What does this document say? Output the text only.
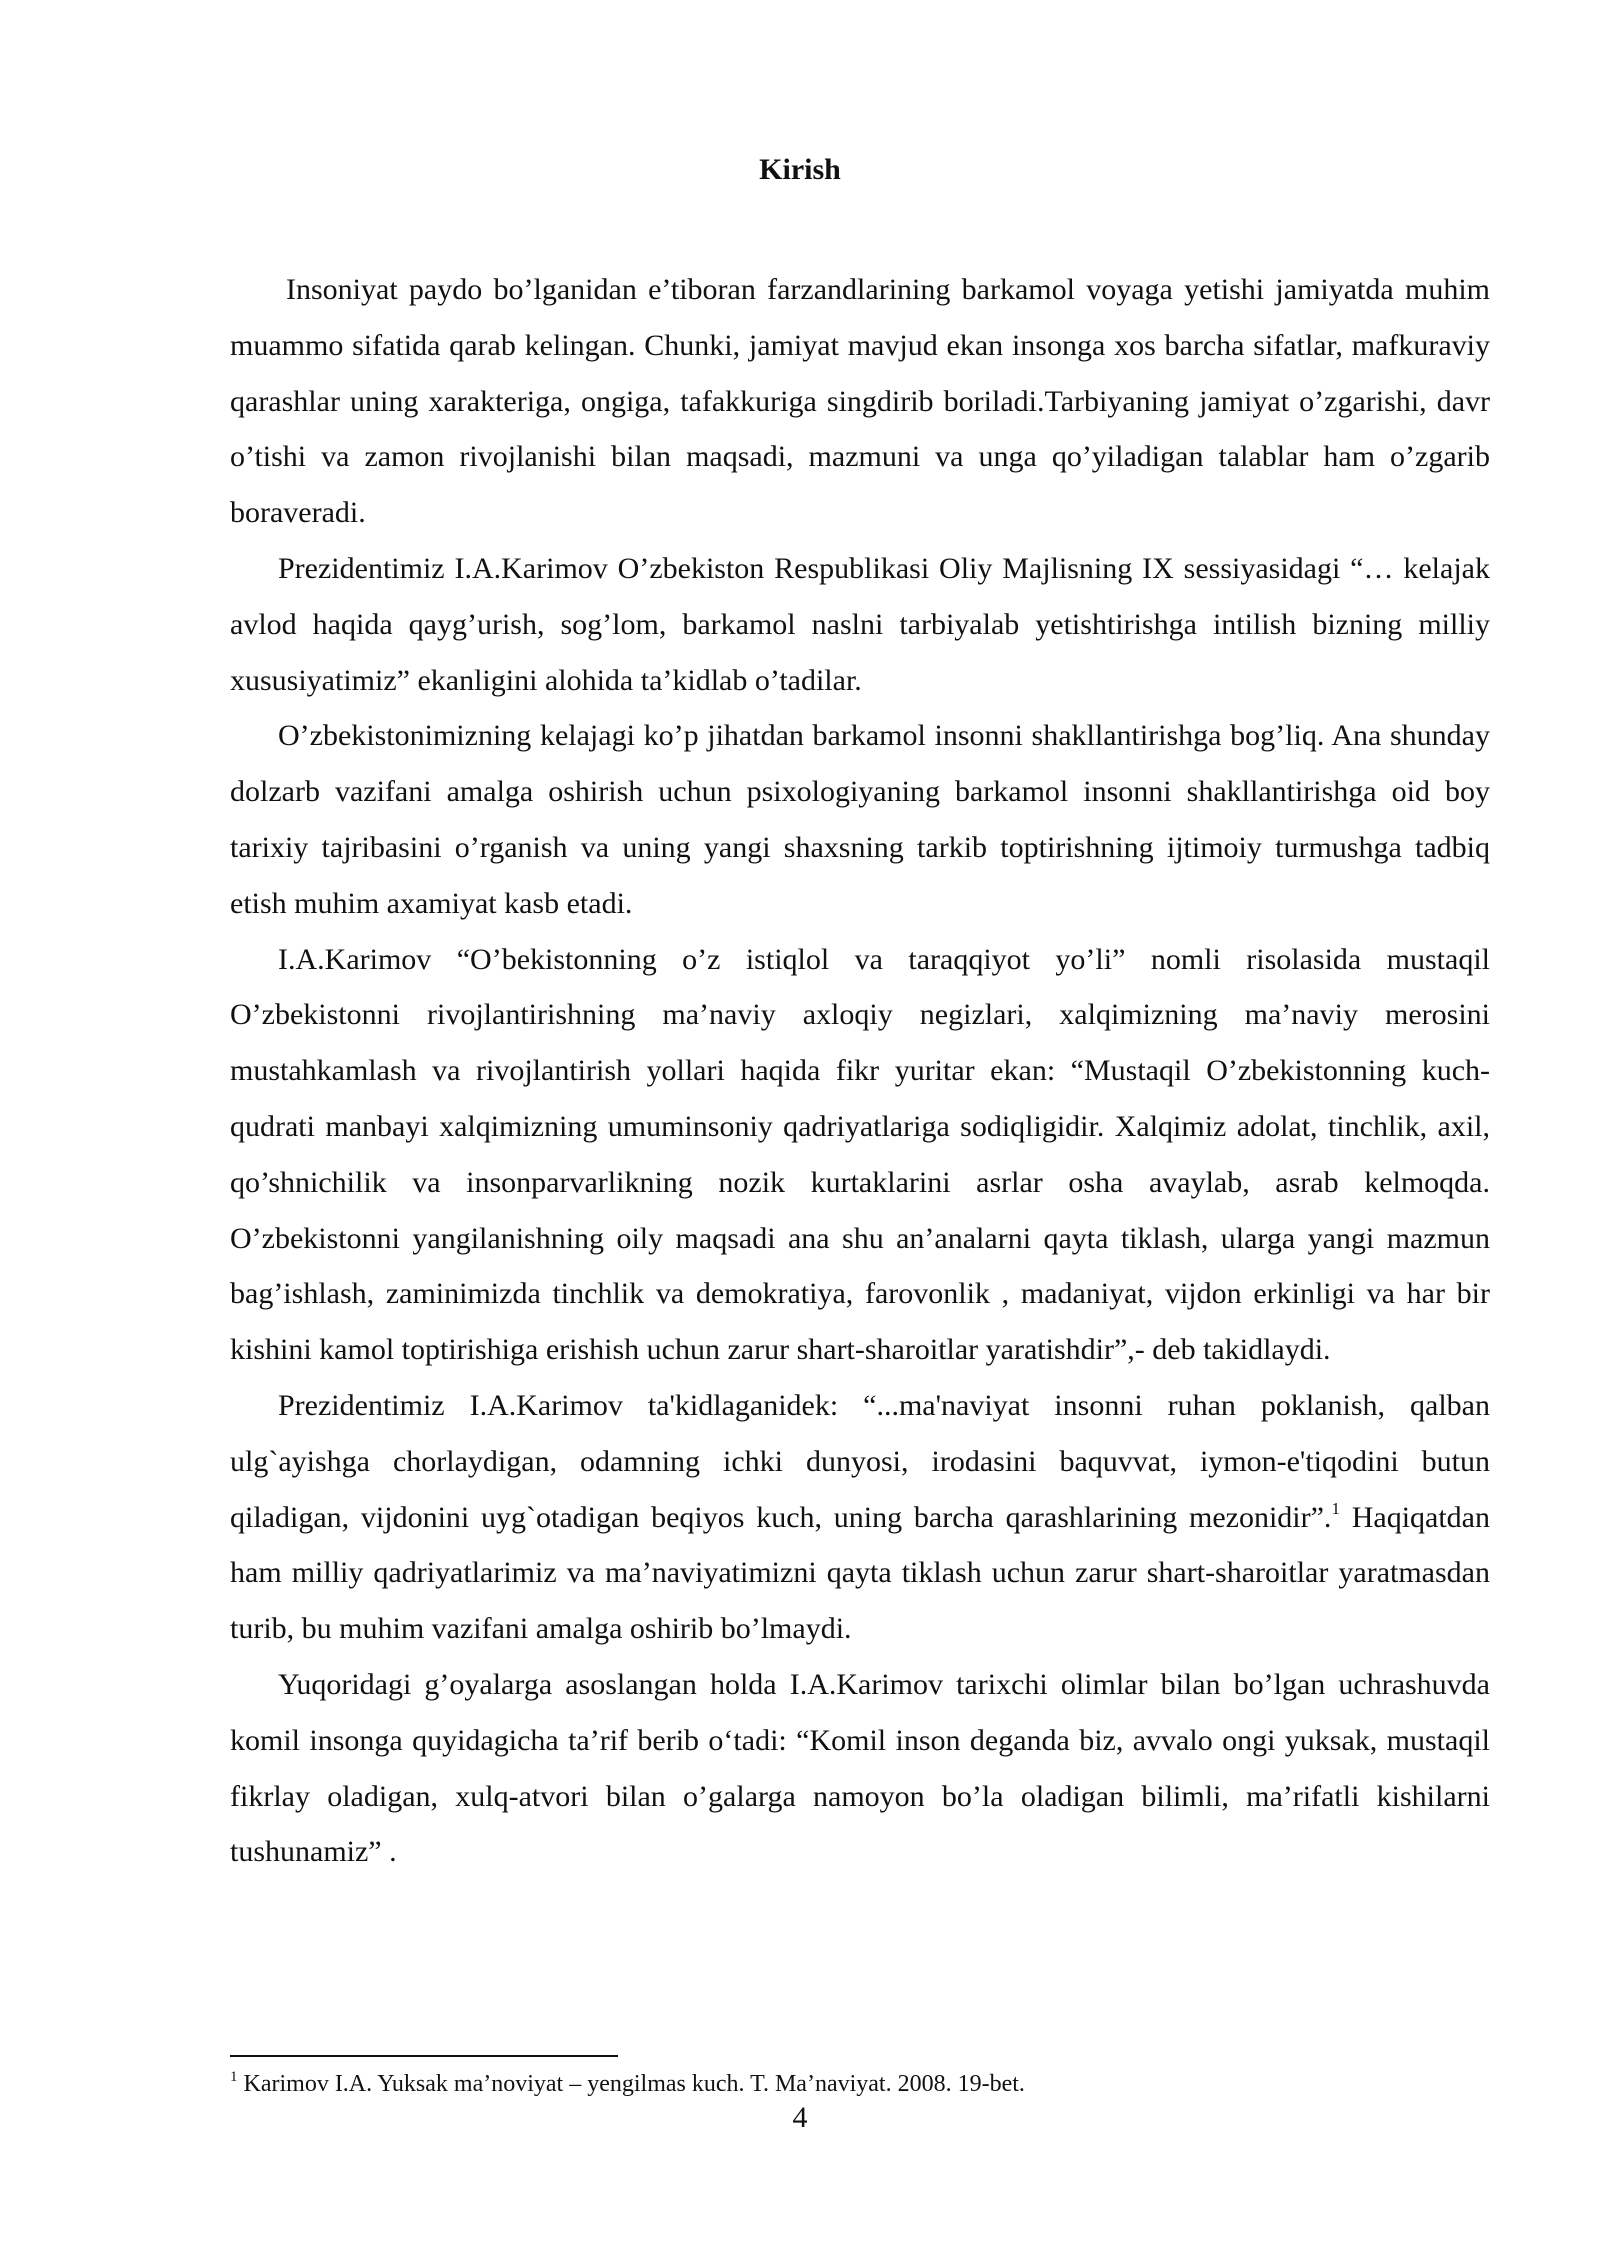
Kirish

Insoniyat paydo bo’lganidan e’tiboran farzandlarining barkamol voyaga yetishi jamiyatda muhim muammo sifatida qarab kelingan. Chunki, jamiyat mavjud ekan insonga xos barcha sifatlar, mafkuraviy qarashlar uning xarakteriga, ongiga, tafakkuriga singdirib boriladi.Tarbiyaning jamiyat o’zgarishi, davr o’tishi va zamon rivojlanishi bilan maqsadi, mazmuni va unga qo’yiladigan talablar ham o’zgarib boraveradi.

Prezidentimiz I.A.Karimov O’zbekiston Respublikasi Oliy Majlisning IX sessiyasidagi “… kelajak avlod haqida qayg’urish, sog’lom, barkamol naslni tarbiyalab yetishtirishga intilish bizning milliy xususiyatimiz” ekanligini alohida ta’kidlab o’tadilar.

O’zbekistonimizning kelajagi ko’p jihatdan barkamol insonni shakllantirishga bog’liq. Ana shunday dolzarb vazifani amalga oshirish uchun psixologiyaning barkamol insonni shakllantirishga oid boy tarixiy tajribasini o’rganish va uning yangi shaxsning tarkib toptirishning ijtimoiy turmushga tadbiq etish muhim axamiyat kasb etadi.

I.A.Karimov “O’bekistonning o’z istiqlol va taraqqiyot yo’li” nomli risolasida mustaqil O’zbekistonni rivojlantirishning ma’naviy axloqiy negizlari, xalqimizning ma’naviy merosini mustahkamlash va rivojlantirish yollari haqida fikr yuritar ekan: “Mustaqil O’zbekistonning kuch-qudrati manbayi xalqimizning umuminsoniy qadriyatlariga sodiqligidir. Xalqimiz adolat, tinchlik, axil, qo’shnichilik va insonparvarlikning nozik kurtaklarini asrlar osha avaylab, asrab kelmoqda. O’zbekistonni yangilanishning oily maqsadi ana shu an’analarni qayta tiklash, ularga yangi mazmun bag’ishlash, zaminimizda tinchlik va demokratiya, farovonlik , madaniyat, vijdon erkinligi va har bir kishini kamol toptirishiga erishish uchun zarur shart-sharoitlar yaratishdir”,- deb takidlaydi.

Prezidentimiz I.A.Karimov ta'kidlaganidek: “...ma'naviyat insonni ruhan poklanish, qalban ulg`ayishga chorlaydigan, odamning ichki dunyosi, irodasini baquvvat, iymon-e'tiqodini butun qiladigan, vijdonini uyg`otadigan beqiyos kuch, uning barcha qarashlarining mezonidir”.$^1$ Haqiqatdan ham milliy qadriyatlarimiz va ma’naviyatimizni qayta tiklash uchun zarur shart-sharoitlar yaratmasdan turib, bu muhim vazifani amalga oshirib bo’lmaydi.

Yuqoridagi g’oyalarga asoslangan holda I.A.Karimov tarixchi olimlar bilan bo’lgan uchrashuvda komil insonga quyidagicha ta’rif berib o‘tadi: “Komil inson deganda biz, avvalo ongi yuksak, mustaqil fikrlay oladigan, xulq-atvori bilan o’galarga namoyon bo’la oladigan bilimli, ma’rifatli kishilarni tushunamiz” .

$^1$ Karimov I.A. Yuksak ma’noviyat – yengilmas kuch. T. Ma’naviyat. 2008. 19-bet.
4
